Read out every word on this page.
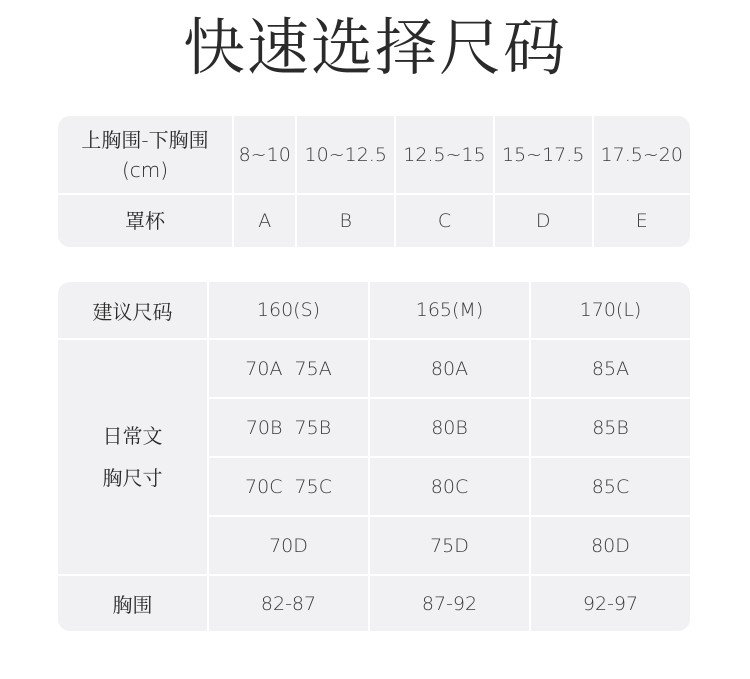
快速选择尺码
上胸围-下胸围
(cm)	8~10	10~12.5	12.5~15	15~17.5	17.5~20
罩杯	A	B	C	D	E
建议尺码	160(S)	165(M)	170(L)

日常文
胸尺寸	70A  75A	80A	85A
	70B  75B	80B	85B
	70C  75C	80C	85C
	70D	75D	80D
胸围	82-87	87-92	92-97
